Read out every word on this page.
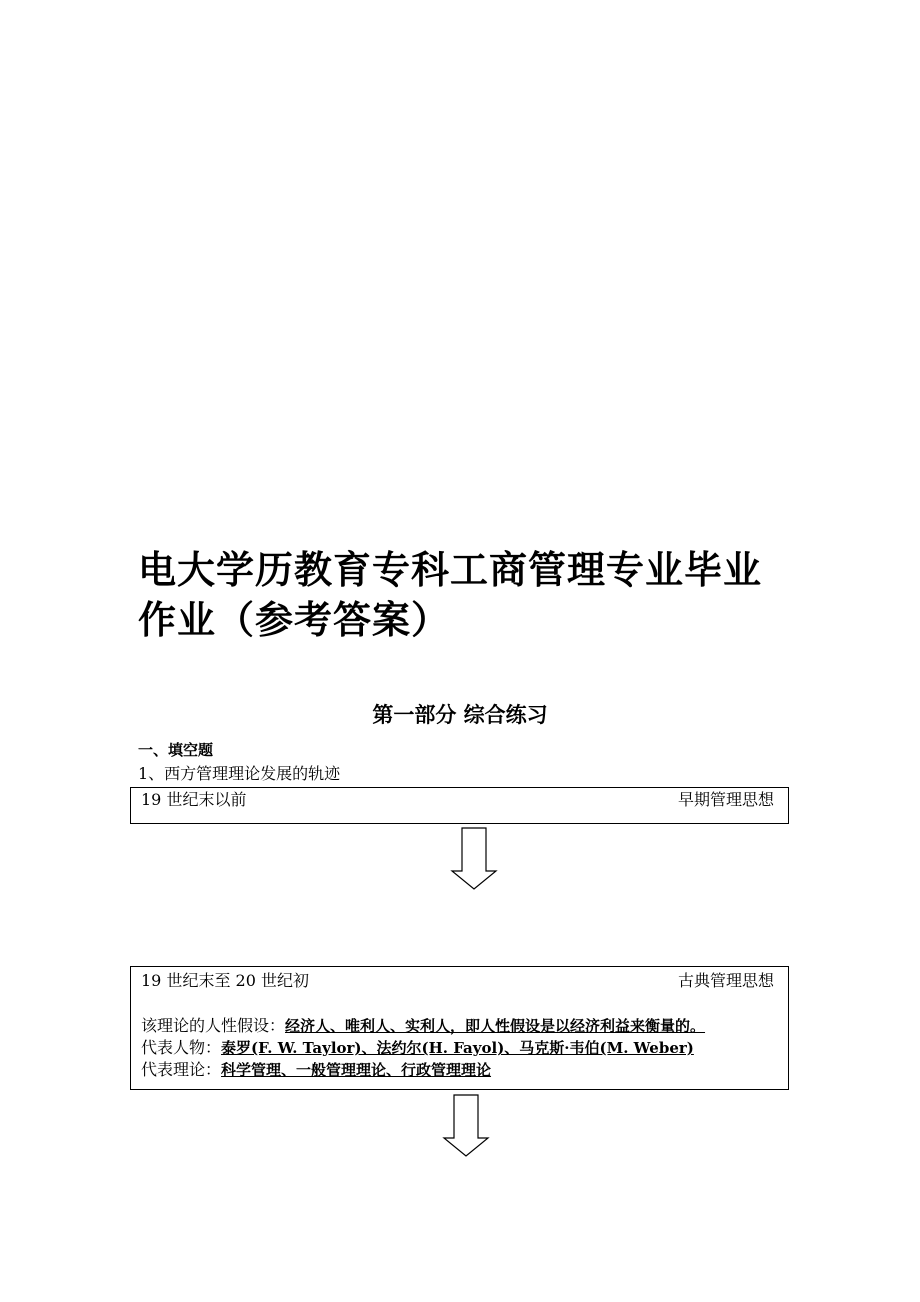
电大学历教育专科工商管理专业毕业作业（参考答案）
第一部分 综合练习
一、填空题
1、西方管理理论发展的轨迹
19 世纪末以前	早期管理思想
19 世纪末至 20 世纪初	古典管理思想
该理论的人性假设：经济人、唯利人、实利人，即人性假设是以经济利益来衡量的。
代表人物：泰罗(F. W. Taylor)、法约尔(H. Fayol)、马克斯·韦伯(M. Weber)
代表理论：科学管理、一般管理理论、行政管理理论
